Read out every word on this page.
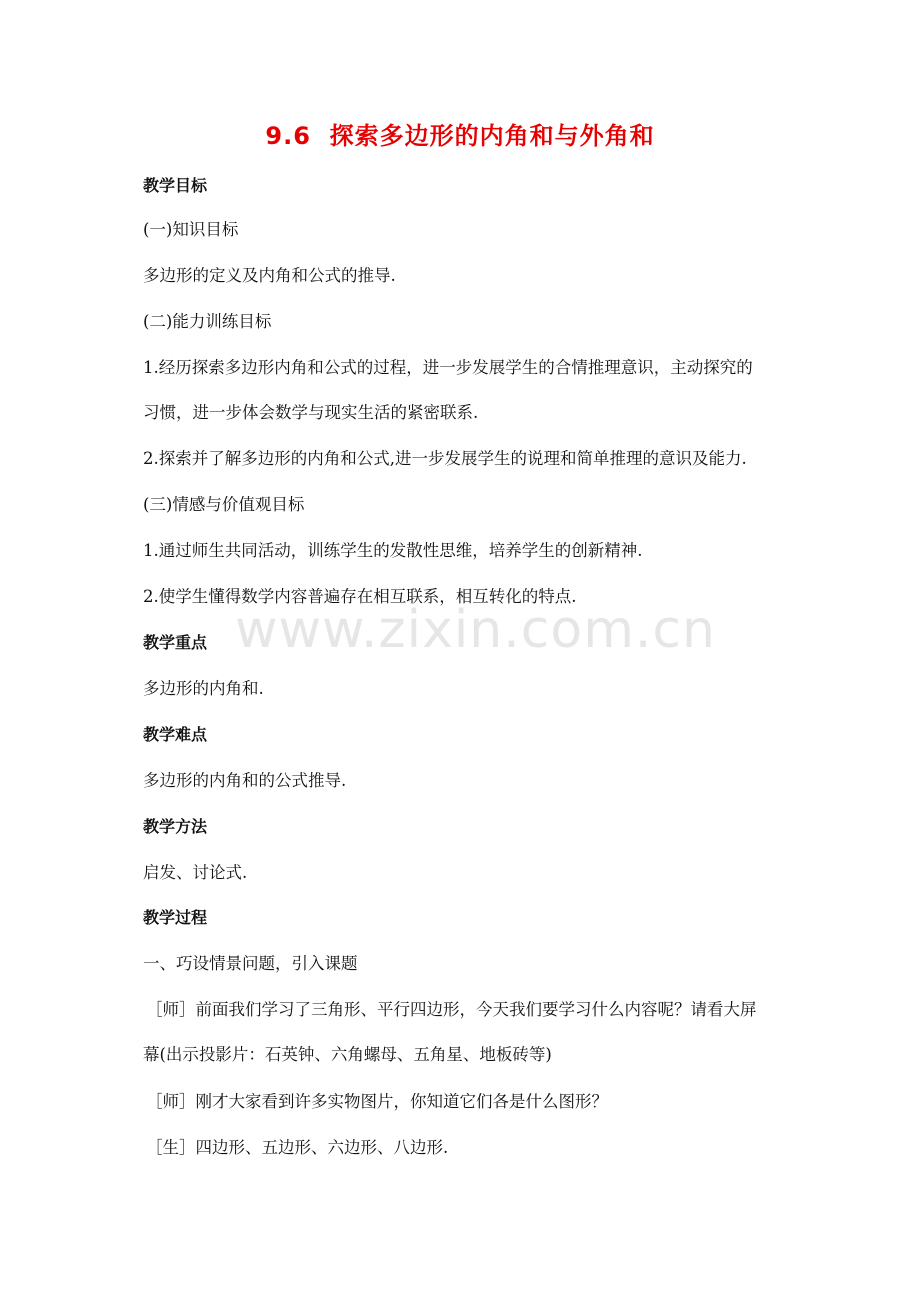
9.6  探索多边形的内角和与外角和
教学目标
(一)知识目标
多边形的定义及内角和公式的推导.
(二)能力训练目标
1.经历探索多边形内角和公式的过程，进一步发展学生的合情推理意识，主动探究的
习惯，进一步体会数学与现实生活的紧密联系.
2.探索并了解多边形的内角和公式,进一步发展学生的说理和简单推理的意识及能力.
(三)情感与价值观目标
1.通过师生共同活动，训练学生的发散性思维，培养学生的创新精神.
2.使学生懂得数学内容普遍存在相互联系，相互转化的特点.
教学重点
多边形的内角和.
教学难点
多边形的内角和的公式推导.
教学方法
启发、讨论式.
教学过程
一、巧设情景问题，引入课题
［师］前面我们学习了三角形、平行四边形，今天我们要学习什么内容呢？请看大屏
幕(出示投影片：石英钟、六角螺母、五角星、地板砖等)
［师］刚才大家看到许多实物图片，你知道它们各是什么图形？
［生］四边形、五边形、六边形、八边形.
www.zixin.com.cn
